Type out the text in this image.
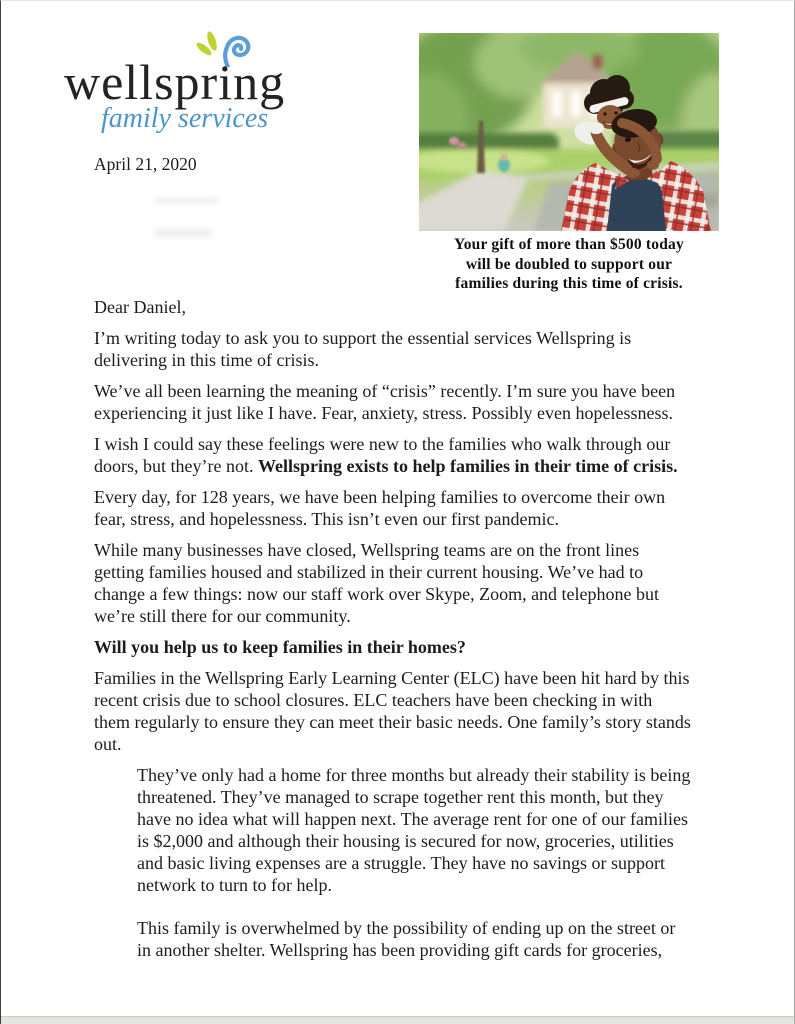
wellspring
family services
April 21, 2020
Your gift of more than $500 today
will be doubled to support our
families during this time of crisis.

Dear Daniel,

I’m writing today to ask you to support the essential services Wellspring is delivering in this time of crisis.

We’ve all been learning the meaning of “crisis” recently. I’m sure you have been experiencing it just like I have. Fear, anxiety, stress. Possibly even hopelessness.

I wish I could say these feelings were new to the families who walk through our doors, but they’re not. Wellspring exists to help families in their time of crisis.

Every day, for 128 years, we have been helping families to overcome their own fear, stress, and hopelessness. This isn’t even our first pandemic.

While many businesses have closed, Wellspring teams are on the front lines getting families housed and stabilized in their current housing. We’ve had to change a few things: now our staff work over Skype, Zoom, and telephone but we’re still there for our community.

Will you help us to keep families in their homes?

Families in the Wellspring Early Learning Center (ELC) have been hit hard by this recent crisis due to school closures. ELC teachers have been checking in with them regularly to ensure they can meet their basic needs. One family’s story stands out.

They’ve only had a home for three months but already their stability is being threatened. They’ve managed to scrape together rent this month, but they have no idea what will happen next. The average rent for one of our families is $2,000 and although their housing is secured for now, groceries, utilities and basic living expenses are a struggle. They have no savings or support network to turn to for help.

This family is overwhelmed by the possibility of ending up on the street or in another shelter. Wellspring has been providing gift cards for groceries,
